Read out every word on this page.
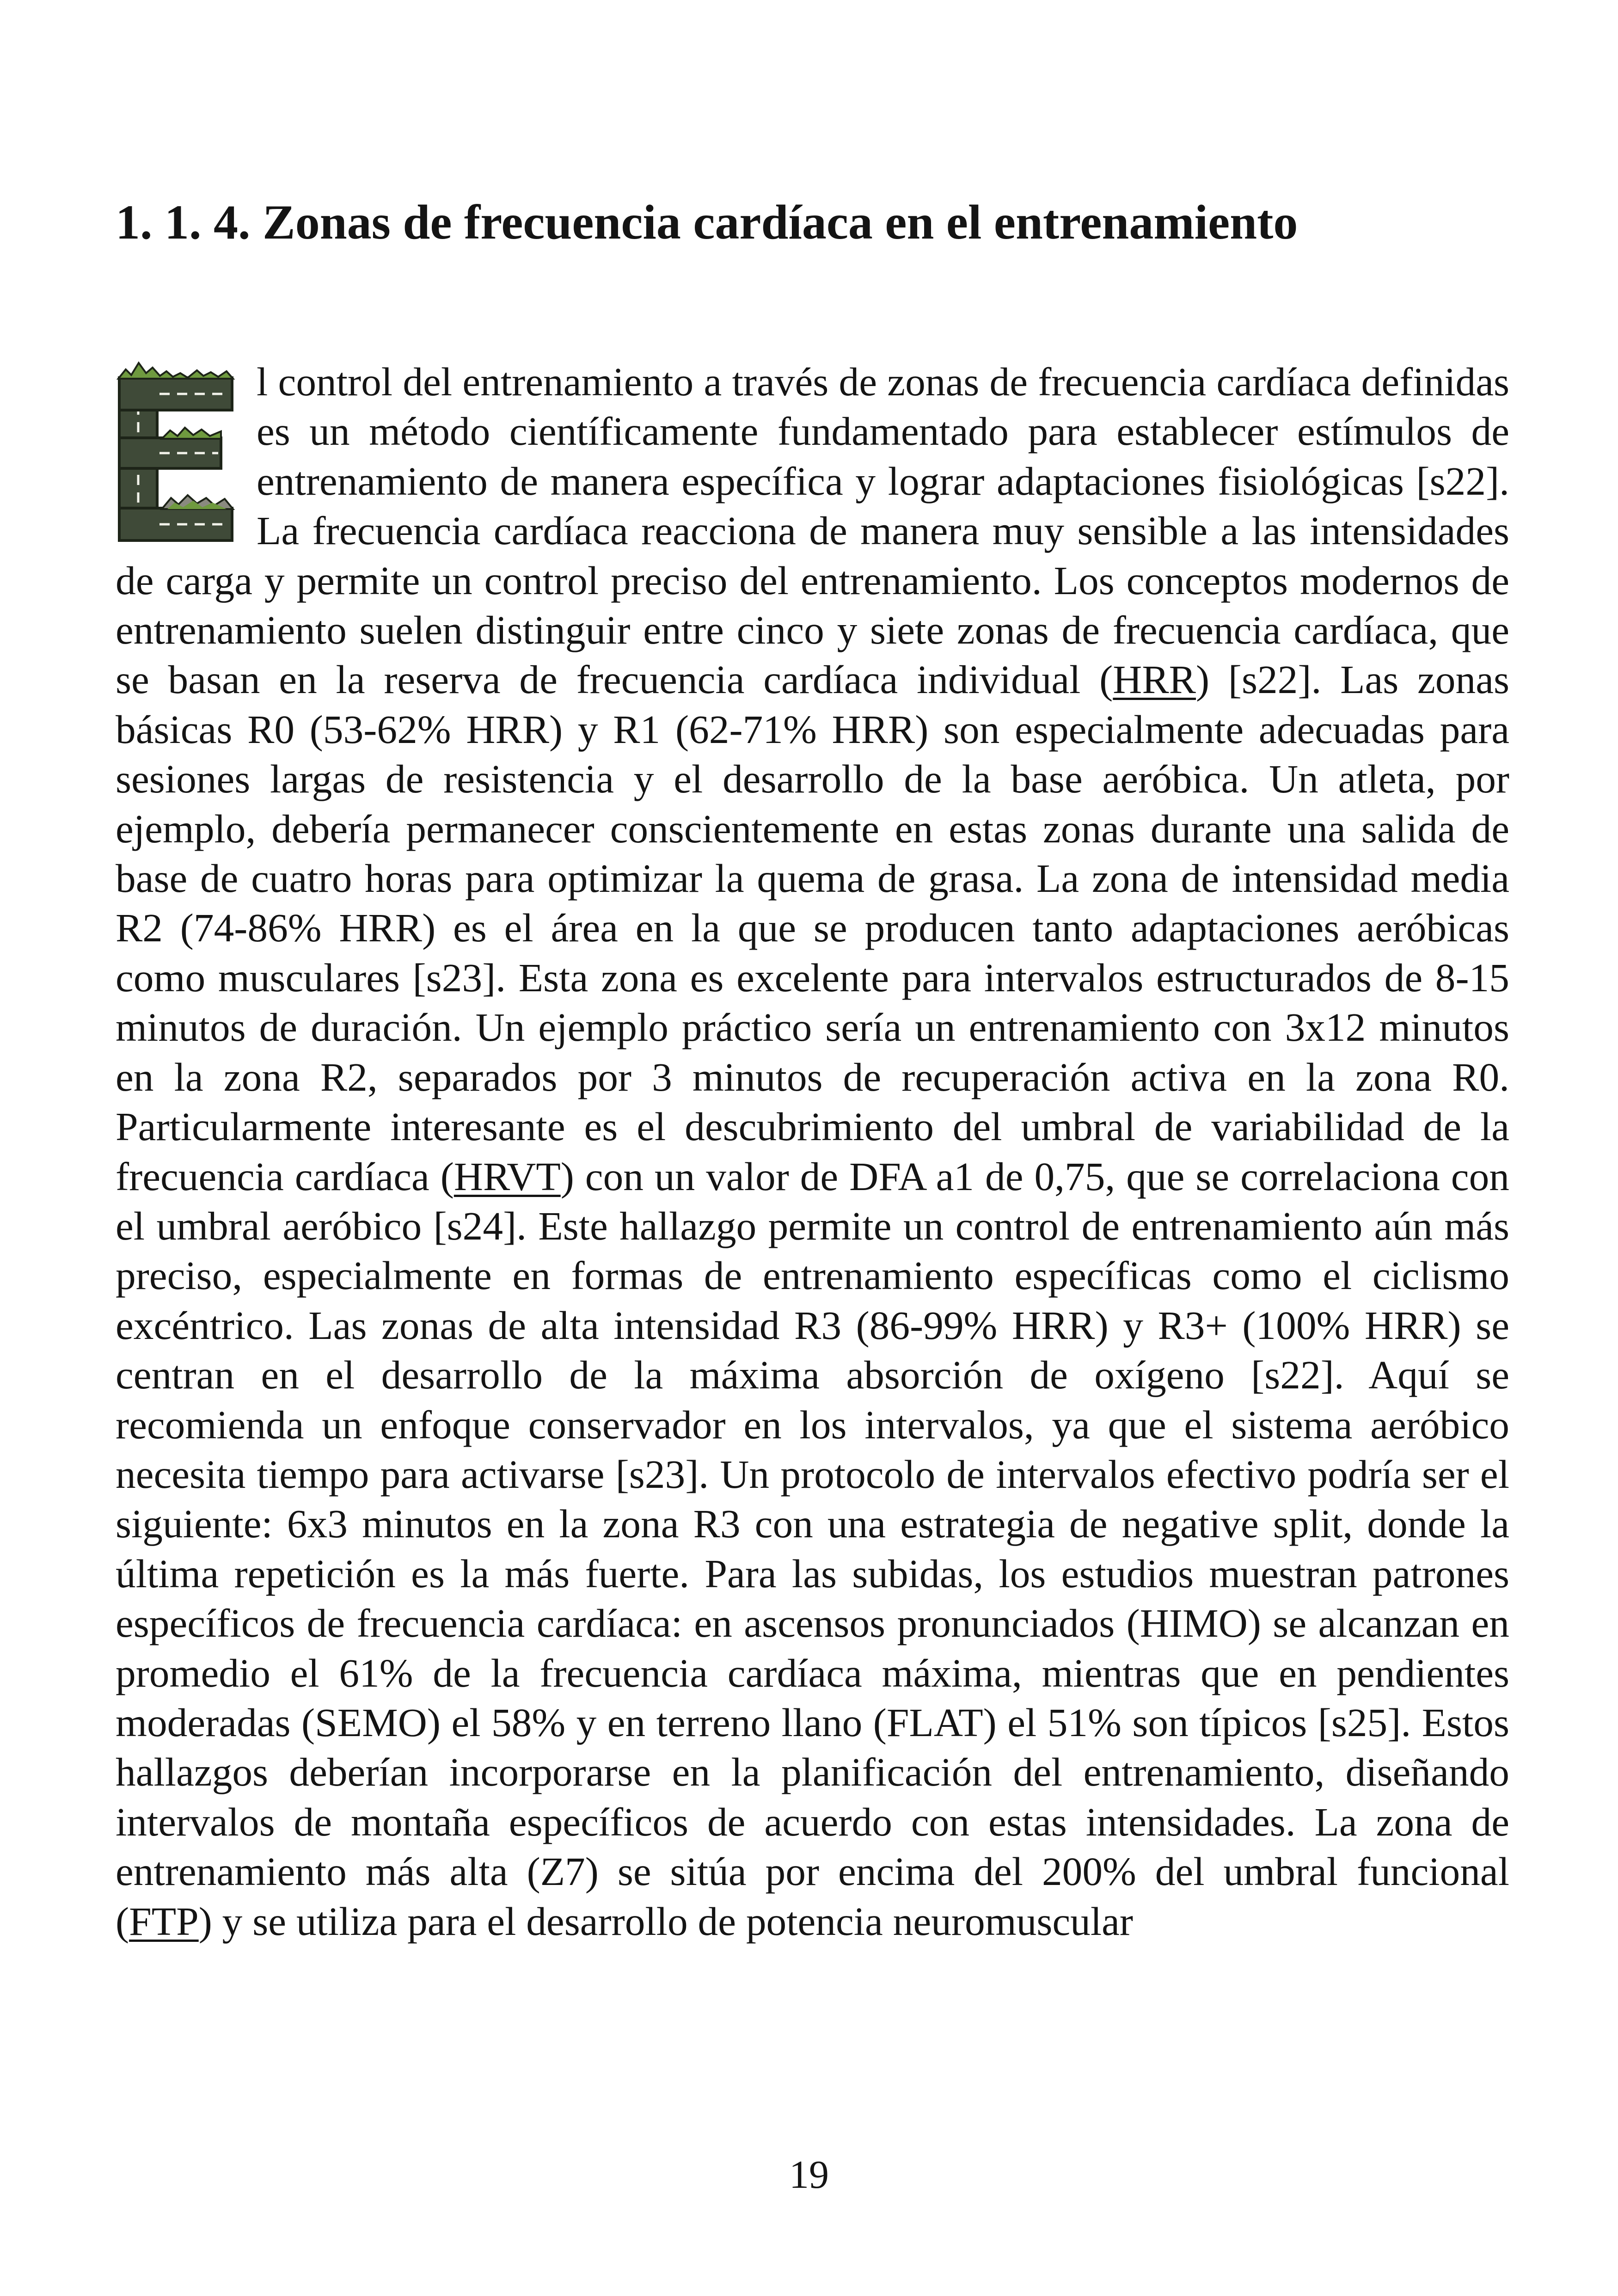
1. 1. 4. Zonas de frecuencia cardíaca en el entrenamiento

l control del entrenamiento a través de zonas de frecuencia cardíaca definidas es un método científicamente fundamentado para establecer estímulos de entrenamiento de manera específica y lograr adaptaciones fisiológicas [s22]. La frecuencia cardíaca reacciona de manera muy sensible a las intensidades de carga y permite un control preciso del entrenamiento. Los conceptos modernos de entrenamiento suelen distinguir entre cinco y siete zonas de frecuencia cardíaca, que se basan en la reserva de frecuencia cardíaca individual (HRR) [s22]. Las zonas básicas R0 (53-62% HRR) y R1 (62-71% HRR) son especialmente adecuadas para sesiones largas de resistencia y el desarrollo de la base aeróbica. Un atleta, por ejemplo, debería permanecer conscientemente en estas zonas durante una salida de base de cuatro horas para optimizar la quema de grasa. La zona de intensidad media R2 (74-86% HRR) es el área en la que se producen tanto adaptaciones aeróbicas como musculares [s23]. Esta zona es excelente para intervalos estructurados de 8-15 minutos de duración. Un ejemplo práctico sería un entrenamiento con 3x12 minutos en la zona R2, separados por 3 minutos de recuperación activa en la zona R0. Particularmente interesante es el descubrimiento del umbral de variabilidad de la frecuencia cardíaca (HRVT) con un valor de DFA a1 de 0,75, que se correlaciona con el umbral aeróbico [s24]. Este hallazgo permite un control de entrenamiento aún más preciso, especialmente en formas de entrenamiento específicas como el ciclismo excéntrico. Las zonas de alta intensidad R3 (86-99% HRR) y R3+ (100% HRR) se centran en el desarrollo de la máxima absorción de oxígeno [s22]. Aquí se recomienda un enfoque conservador en los intervalos, ya que el sistema aeróbico necesita tiempo para activarse [s23]. Un protocolo de intervalos efectivo podría ser el siguiente: 6x3 minutos en la zona R3 con una estrategia de negative split, donde la última repetición es la más fuerte. Para las subidas, los estudios muestran patrones específicos de frecuencia cardíaca: en ascensos pronunciados (HIMO) se alcanzan en promedio el 61% de la frecuencia cardíaca máxima, mientras que en pendientes moderadas (SEMO) el 58% y en terreno llano (FLAT) el 51% son típicos [s25]. Estos hallazgos deberían incorporarse en la planificación del entrenamiento, diseñando intervalos de montaña específicos de acuerdo con estas intensidades. La zona de entrenamiento más alta (Z7) se sitúa por encima del 200% del umbral funcional (FTP) y se utiliza para el desarrollo de potencia neuromuscular

19
